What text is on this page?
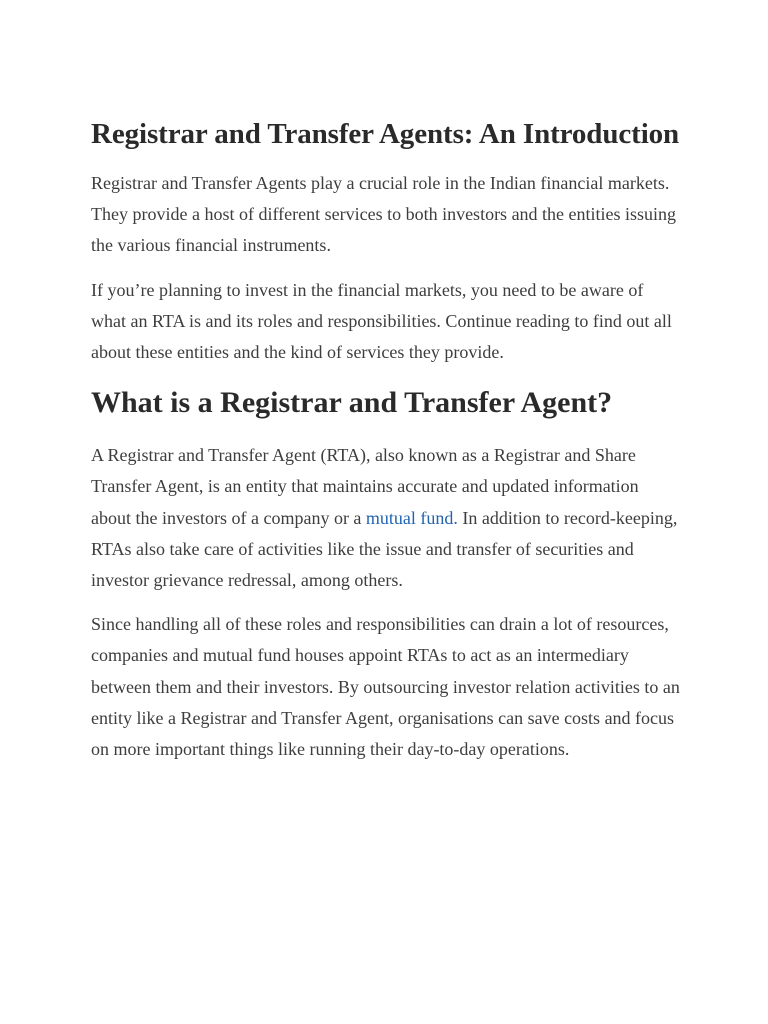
Registrar and Transfer Agents: An Introduction

Registrar and Transfer Agents play a crucial role in the Indian financial markets. They provide a host of different services to both investors and the entities issuing the various financial instruments.

If you’re planning to invest in the financial markets, you need to be aware of what an RTA is and its roles and responsibilities. Continue reading to find out all about these entities and the kind of services they provide.

What is a Registrar and Transfer Agent?

A Registrar and Transfer Agent (RTA), also known as a Registrar and Share Transfer Agent, is an entity that maintains accurate and updated information about the investors of a company or a mutual fund. In addition to record-keeping, RTAs also take care of activities like the issue and transfer of securities and investor grievance redressal, among others.

Since handling all of these roles and responsibilities can drain a lot of resources, companies and mutual fund houses appoint RTAs to act as an intermediary between them and their investors. By outsourcing investor relation activities to an entity like a Registrar and Transfer Agent, organisations can save costs and focus on more important things like running their day-to-day operations.
